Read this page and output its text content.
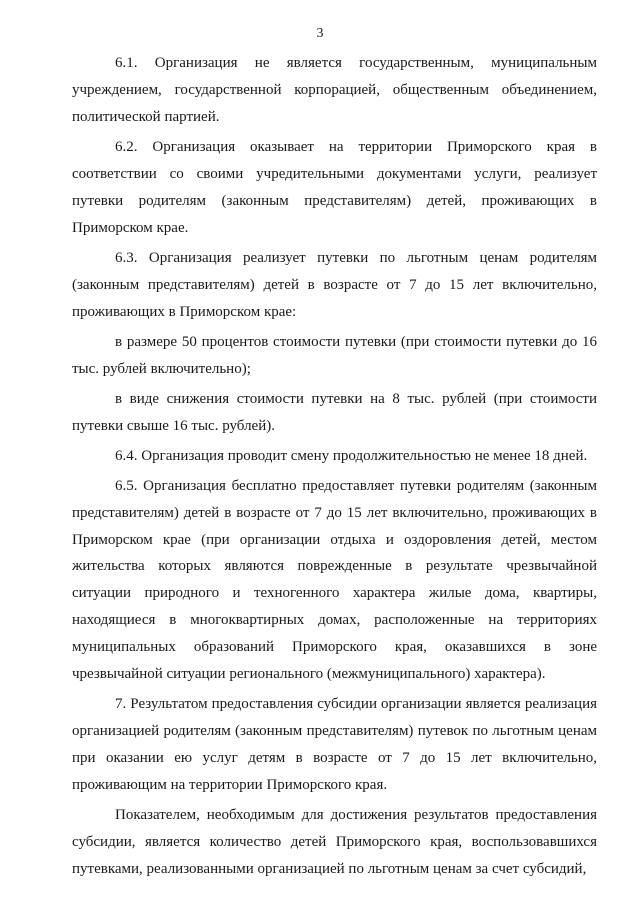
3

6.1. Организация не является государственным, муниципальным учреждением, государственной корпорацией, общественным объединением, политической партией.

6.2. Организация оказывает на территории Приморского края в соответствии со своими учредительными документами услуги, реализует путевки родителям (законным представителям) детей, проживающих в Приморском крае.

6.3. Организация реализует путевки по льготным ценам родителям (законным представителям) детей в возрасте от 7 до 15 лет включительно, проживающих в Приморском крае:

в размере 50 процентов стоимости путевки (при стоимости путевки до 16 тыс. рублей включительно);

в виде снижения стоимости путевки на 8 тыс. рублей (при стоимости путевки свыше 16 тыс. рублей).

6.4. Организация проводит смену продолжительностью не менее 18 дней.

6.5. Организация бесплатно предоставляет путевки родителям (законным представителям) детей в возрасте от 7 до 15 лет включительно, проживающих в Приморском крае (при организации отдыха и оздоровления детей, местом жительства которых являются поврежденные в результате чрезвычайной ситуации природного и техногенного характера жилые дома, квартиры, находящиеся в многоквартирных домах, расположенные на территориях муниципальных образований Приморского края, оказавшихся в зоне чрезвычайной ситуации регионального (межмуниципального) характера).

7. Результатом предоставления субсидии организации является реализация организацией родителям (законным представителям) путевок по льготным ценам при оказании ею услуг детям в возрасте от 7 до 15 лет включительно, проживающим на территории Приморского края.

Показателем, необходимым для достижения результатов предоставления субсидии, является количество детей Приморского края, воспользовавшихся путевками, реализованными организацией по льготным ценам за счет субсидий,
